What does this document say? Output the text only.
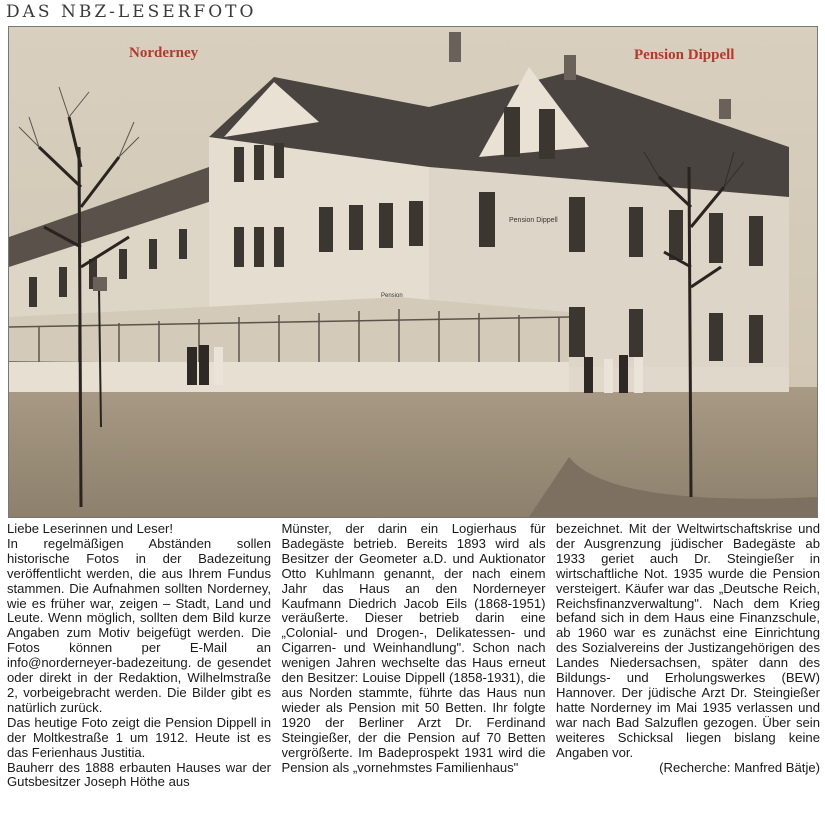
DAS NBZ-LESERFOTO
Norderney	Pension Dippell
Pension Dippell
Pension

Liebe Leserinnen und Leser!

In regelmäßigen Abständen sollen historische Fotos in der Badezeitung veröffentlicht werden, die aus Ihrem Fundus stammen. Die Aufnahmen sollten Norderney, wie es früher war, zeigen – Stadt, Land und Leute. Wenn möglich, sollten dem Bild kurze Angaben zum Motiv beigefügt werden. Die Fotos können per E-Mail an info@norderneyer-badezeitung. de gesendet oder direkt in der Redaktion, Wilhelmstraße 2, vorbeigebracht werden. Die Bilder gibt es natürlich zurück.

Das heutige Foto zeigt die Pension Dippell in der Moltkestraße 1 um 1912. Heute ist es das Ferienhaus Justitia.

Bauherr des 1888 erbauten Hauses war der Gutsbesitzer Joseph Höthe aus

Münster, der darin ein Logierhaus für Badegäste betrieb. Bereits 1893 wird als Besitzer der Geometer a.D. und Auktionator Otto Kuhlmann genannt, der nach einem Jahr das Haus an den Norderneyer Kaufmann Diedrich Jacob Eils (1868-1951) veräußerte. Dieser betrieb darin eine „Colonial- und Drogen-, Delikatessen- und Cigarren- und Weinhandlung". Schon nach wenigen Jahren wechselte das Haus erneut den Besitzer: Louise Dippell (1858-1931), die aus Norden stammte, führte das Haus nun wieder als Pension mit 50 Betten. Ihr folgte 1920 der Berliner Arzt Dr. Ferdinand Steingießer, der die Pension auf 70 Betten vergrößerte. Im Badeprospekt 1931 wird die Pension als „vornehmstes Familienhaus"

bezeichnet. Mit der Weltwirtschaftskrise und der Ausgrenzung jüdischer Badegäste ab 1933 geriet auch Dr. Steingießer in wirtschaftliche Not. 1935 wurde die Pension versteigert. Käufer war das „Deutsche Reich, Reichsfinanzverwaltung". Nach dem Krieg befand sich in dem Haus eine Finanzschule, ab 1960 war es zunächst eine Einrichtung des Sozialvereins der Justizangehörigen des Landes Niedersachsen, später dann des Bildungs- und Erholungswerkes (BEW) Hannover. Der jüdische Arzt Dr. Steingießer hatte Norderney im Mai 1935 verlassen und war nach Bad Salzuflen gezogen. Über sein weiteres Schicksal liegen bislang keine Angaben vor.

(Recherche: Manfred Bätje)
